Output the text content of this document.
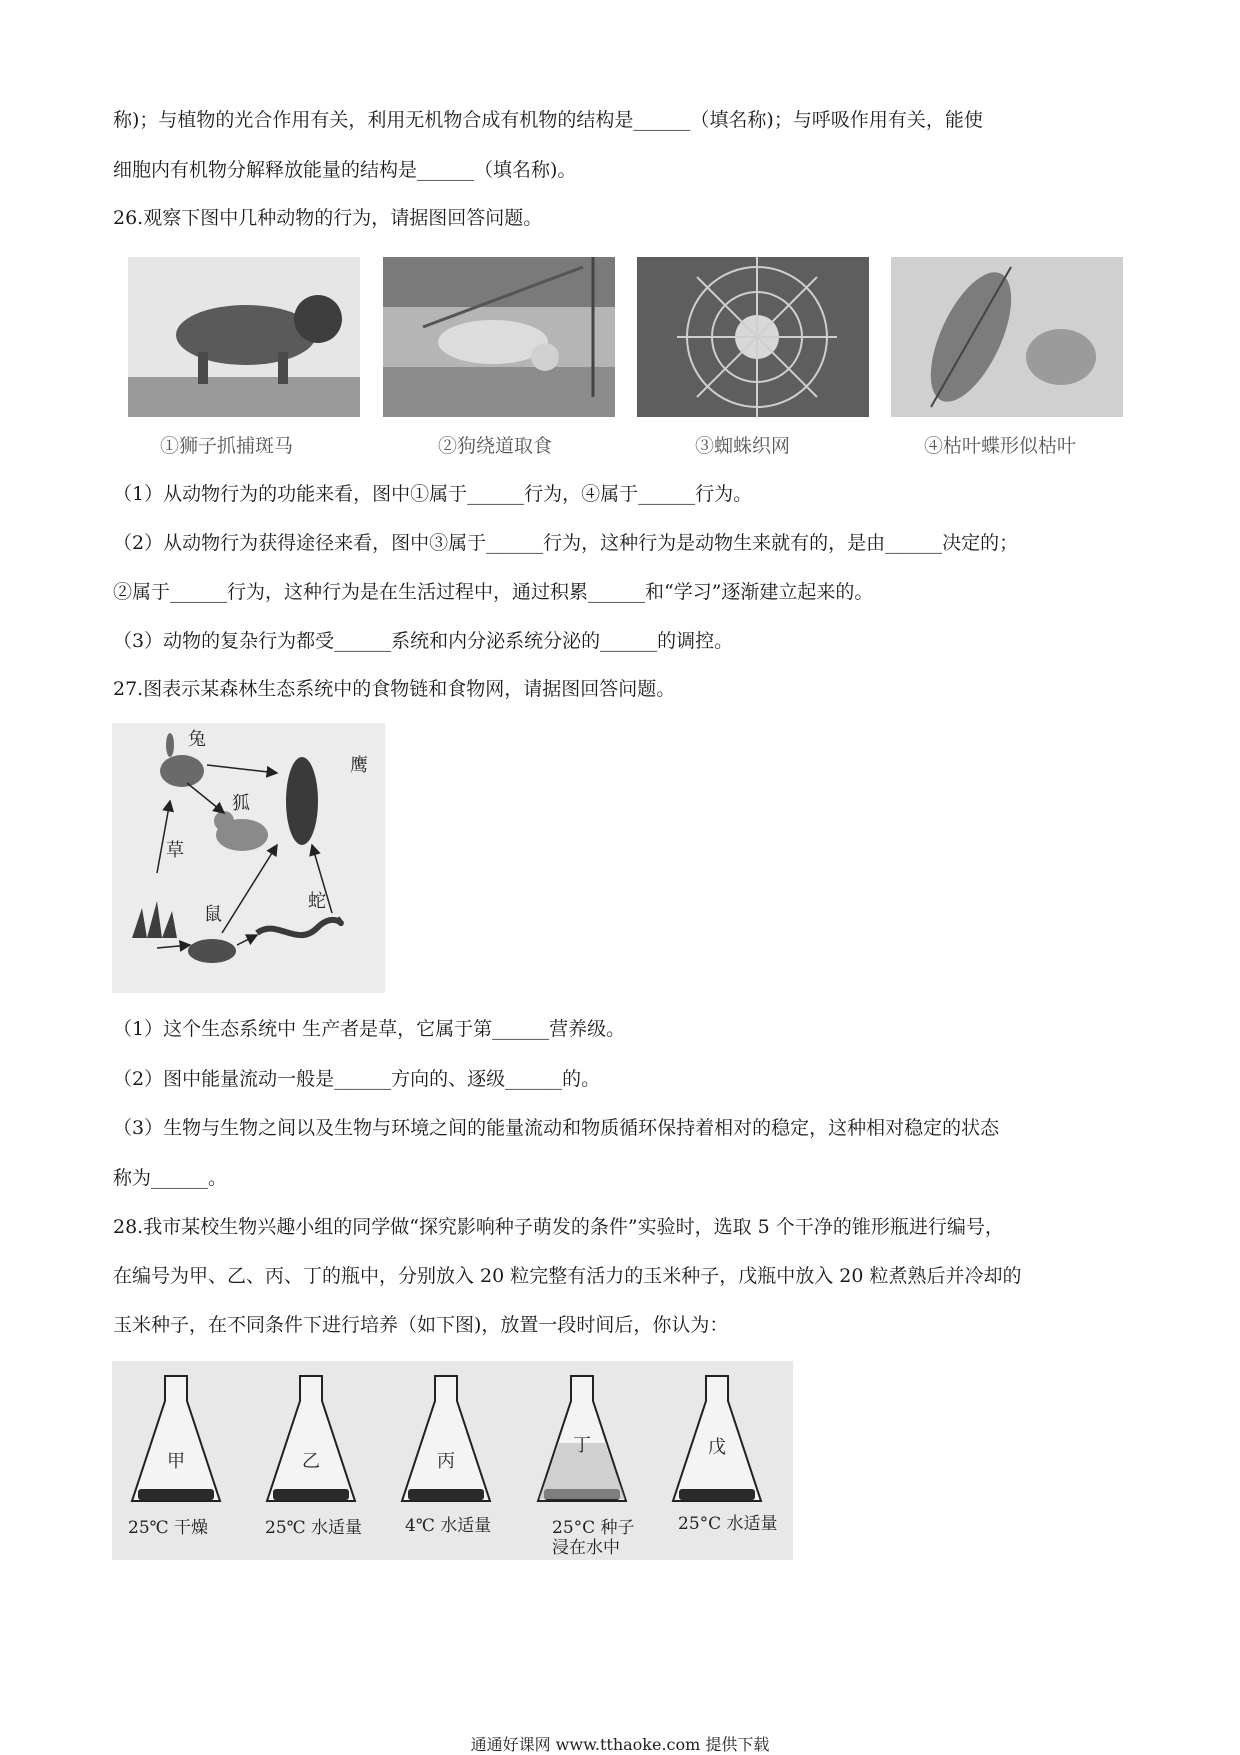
称)；与植物的光合作用有关，利用无机物合成有机物的结构是______（填名称)；与呼吸作用有关，能使
细胞内有机物分解释放能量的结构是______（填名称)。
26.观察下图中几种动物的行为，请据图回答问题。
①狮子抓捕斑马	②狗绕道取食	③蜘蛛织网	④枯叶蝶形似枯叶
（1）从动物行为的功能来看，图中①属于______行为，④属于______行为。
（2）从动物行为获得途径来看，图中③属于______行为，这种行为是动物生来就有的，是由______决定的；
②属于______行为，这种行为是在生活过程中，通过积累______和“学习”逐渐建立起来的。
（3）动物的复杂行为都受______系统和内分泌系统分泌的______的调控。
27.图表示某森林生态系统中的食物链和食物网，请据图回答问题。
兔
鹰
狐
草
鼠
蛇
（1）这个生态系统中 生产者是草，它属于第______营养级。
（2）图中能量流动一般是______方向的、逐级______的。
（3）生物与生物之间以及生物与环境之间的能量流动和物质循环保持着相对的稳定，这种相对稳定的状态
称为______。
28.我市某校生物兴趣小组的同学做“探究影响种子萌发的条件”实验时，选取 5 个干净的锥形瓶进行编号，
在编号为甲、乙、丙、丁的瓶中，分别放入 20 粒完整有活力的玉米种子，戊瓶中放入 20 粒煮熟后并冷却的
玉米种子，在不同条件下进行培养（如下图)，放置一段时间后，你认为：
甲	乙	丙
丁	戊
25℃ 干燥	25℃ 水适量	4℃ 水适量	25°C 种子
浸在水中
25°C 水适量
通通好课网 www.tthaoke.com 提供下载
